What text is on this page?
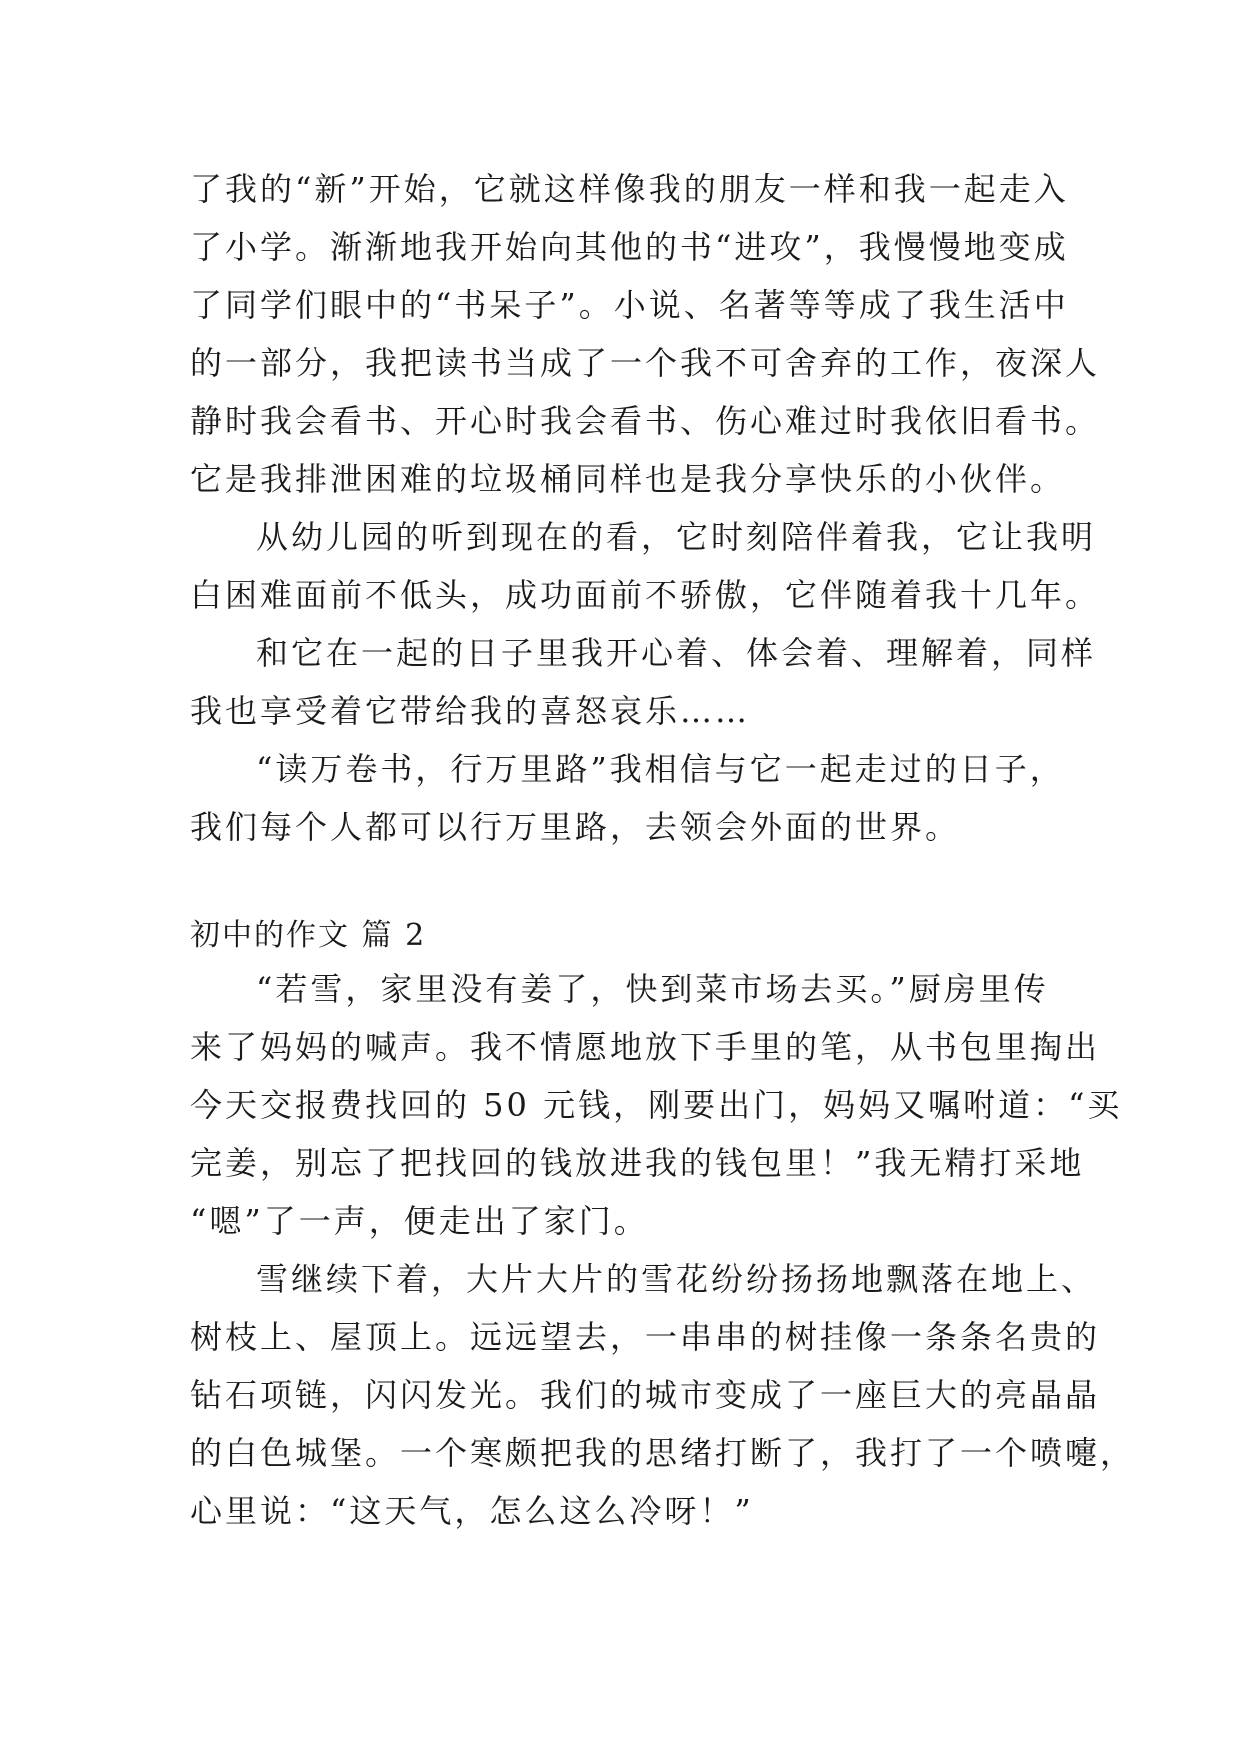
了我的“新”开始，它就这样像我的朋友一样和我一起走入
了小学。渐渐地我开始向其他的书“进攻”，我慢慢地变成
了同学们眼中的“书呆子”。小说、名著等等成了我生活中
的一部分，我把读书当成了一个我不可舍弃的工作，夜深人
静时我会看书、开心时我会看书、伤心难过时我依旧看书。
它是我排泄困难的垃圾桶同样也是我分享快乐的小伙伴。
从幼儿园的听到现在的看，它时刻陪伴着我，它让我明
白困难面前不低头，成功面前不骄傲，它伴随着我十几年。
和它在一起的日子里我开心着、体会着、理解着，同样
我也享受着它带给我的喜怒哀乐……
“读万卷书，行万里路”我相信与它一起走过的日子，
我们每个人都可以行万里路，去领会外面的世界。
初中的作文 篇 2
“若雪，家里没有姜了，快到菜市场去买。”厨房里传
来了妈妈的喊声。我不情愿地放下手里的笔，从书包里掏出
今天交报费找回的 50 元钱，刚要出门，妈妈又嘱咐道：“买
完姜，别忘了把找回的钱放进我的钱包里！”我无精打采地
“嗯”了一声，便走出了家门。
雪继续下着，大片大片的雪花纷纷扬扬地飘落在地上、
树枝上、屋顶上。远远望去，一串串的树挂像一条条名贵的
钻石项链，闪闪发光。我们的城市变成了一座巨大的亮晶晶
的白色城堡。一个寒颇把我的思绪打断了，我打了一个喷嚏，
心里说：“这天气，怎么这么冷呀！”
